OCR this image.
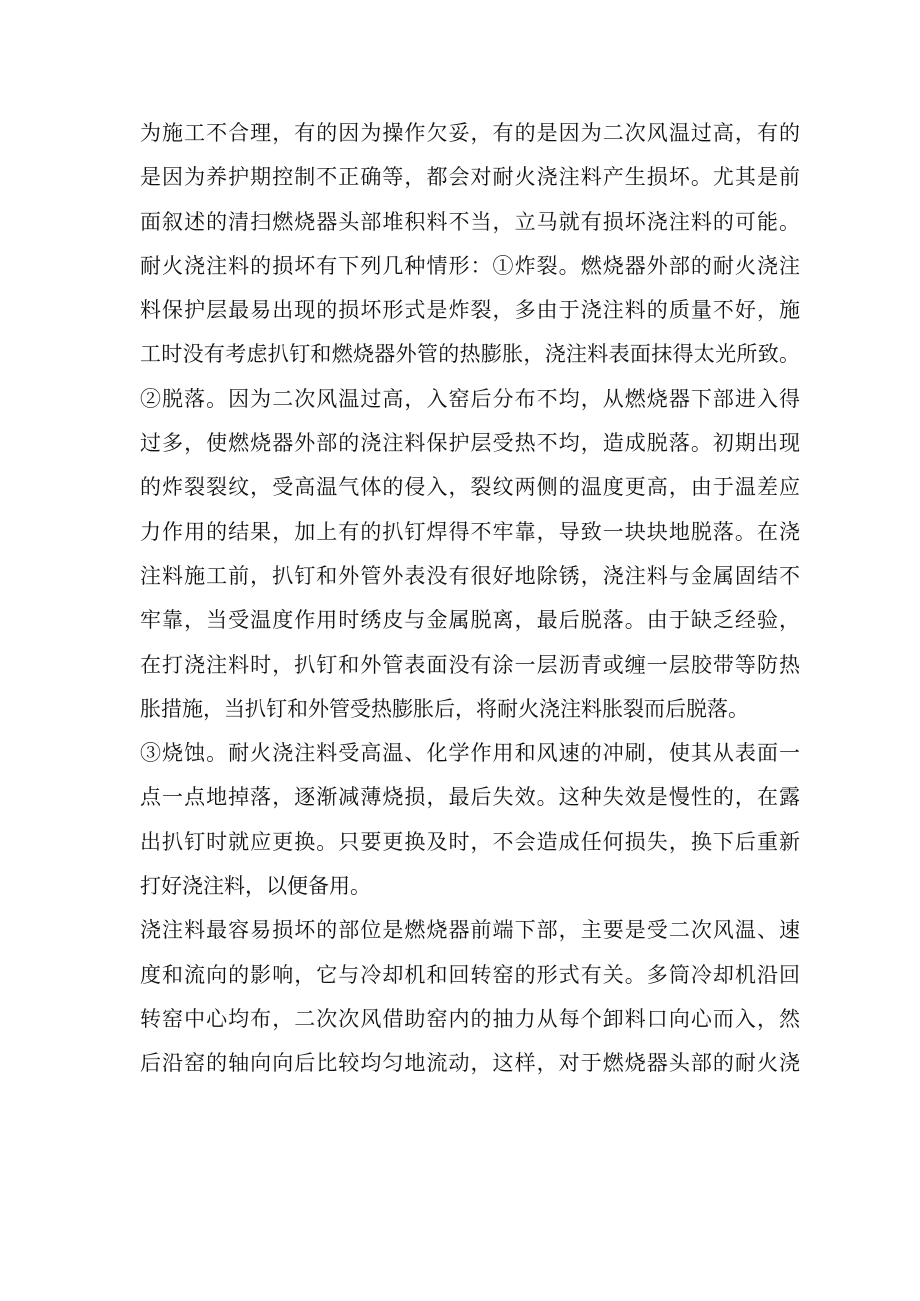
为施工不合理，有的因为操作欠妥，有的是因为二次风温过高，有的
是因为养护期控制不正确等，都会对耐火浇注料产生损坏。尤其是前
面叙述的清扫燃烧器头部堆积料不当，立马就有损坏浇注料的可能。
耐火浇注料的损坏有下列几种情形：①炸裂。燃烧器外部的耐火浇注
料保护层最易出现的损坏形式是炸裂，多由于浇注料的质量不好，施
工时没有考虑扒钉和燃烧器外管的热膨胀，浇注料表面抹得太光所致。
②脱落。因为二次风温过高，入窑后分布不均，从燃烧器下部进入得
过多，使燃烧器外部的浇注料保护层受热不均，造成脱落。初期出现
的炸裂裂纹，受高温气体的侵入，裂纹两侧的温度更高，由于温差应
力作用的结果，加上有的扒钉焊得不牢靠，导致一块块地脱落。在浇
注料施工前，扒钉和外管外表没有很好地除锈，浇注料与金属固结不
牢靠，当受温度作用时绣皮与金属脱离，最后脱落。由于缺乏经验，
在打浇注料时，扒钉和外管表面没有涂一层沥青或缠一层胶带等防热
胀措施，当扒钉和外管受热膨胀后，将耐火浇注料胀裂而后脱落。
③烧蚀。耐火浇注料受高温、化学作用和风速的冲刷，使其从表面一
点一点地掉落，逐渐减薄烧损，最后失效。这种失效是慢性的，在露
出扒钉时就应更换。只要更换及时，不会造成任何损失，换下后重新
打好浇注料，以便备用。
浇注料最容易损坏的部位是燃烧器前端下部，主要是受二次风温、速
度和流向的影响，它与冷却机和回转窑的形式有关。多筒冷却机沿回
转窑中心均布，二次次风借助窑内的抽力从每个卸料口向心而入，然
后沿窑的轴向向后比较均匀地流动，这样，对于燃烧器头部的耐火浇
